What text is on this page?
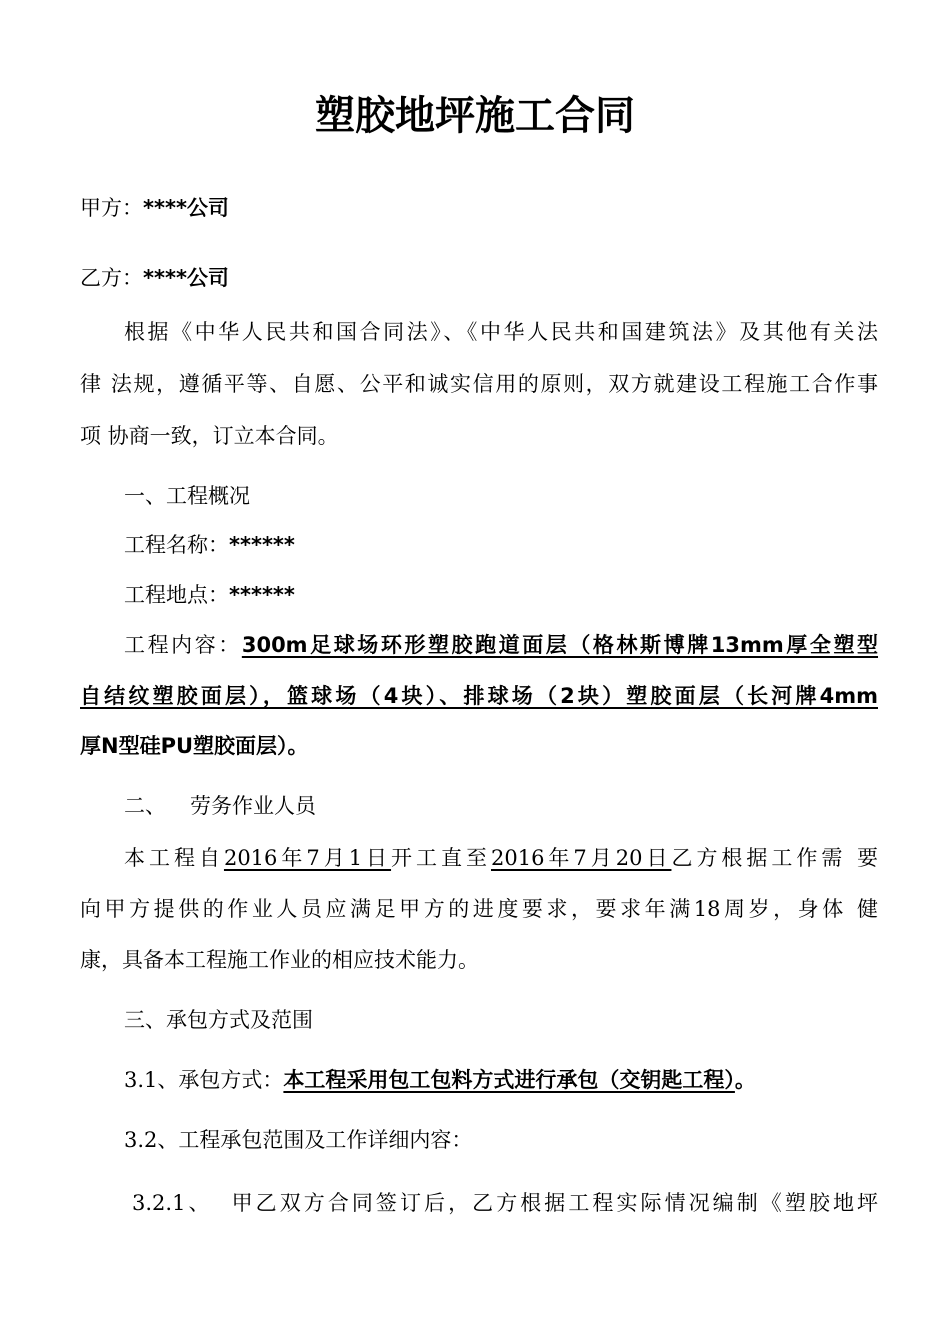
塑胶地坪施工合同
甲方：****公司
乙方：****公司
根据《中华人民共和国合同法》、《中华人民共和国建筑法》及其他有关法
律 法规，遵循平等、自愿、公平和诚实信用的原则，双方就建设工程施工合作事
项 协商一致，订立本合同。
一、工程概况
工程名称：******
工程地点：******
工程内容：300m足球场环形塑胶跑道面层（格林斯博牌13mm厚全塑型
自结纹塑胶面层），篮球场（4块）、排球场（2块）塑胶面层（长河牌4mm
厚N型硅PU塑胶面层）。
二、 劳务作业人员
本工程自2016年7月1日开工直至2016年7月20日乙方根据工作需 要
向甲方提供的作业人员应满足甲方的进度要求，要求年满18周岁，身体 健
康，具备本工程施工作业的相应技术能力。
三、承包方式及范围
3.1、承包方式：本工程采用包工包料方式进行承包（交钥匙工程）。
3.2、工程承包范围及工作详细内容：
3.2.1、 甲乙双方合同签订后，乙方根据工程实际情况编制《塑胶地坪
